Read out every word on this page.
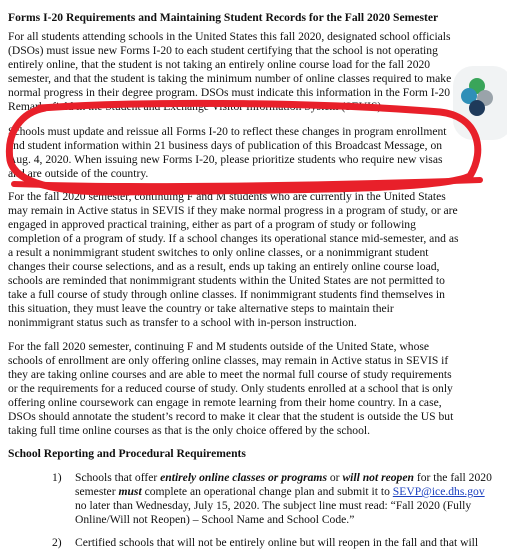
Forms I-20 Requirements and Maintaining Student Records for the Fall 2020 Semester
For all students attending schools in the United States this fall 2020, designated school officials
(DSOs) must issue new Forms I-20 to each student certifying that the school is not operating
entirely online, that the student is not taking an entirely online course load for the fall 2020
semester, and that the student is taking the minimum number of online classes required to make
normal progress in their degree program. DSOs must indicate this information in the Form I-20
Remarks field in the Student and Exchange Visitor Information System (SEVIS).
Schools must update and reissue all Forms I-20 to reflect these changes in program enrollment
and student information within 21 business days of publication of this Broadcast Message, on
Aug. 4, 2020. When issuing new Forms I-20, please prioritize students who require new visas
and are outside of the country.
For the fall 2020 semester, continuing F and M students who are currently in the United States
may remain in Active status in SEVIS if they make normal progress in a program of study, or are
engaged in approved practical training, either as part of a program of study or following
completion of a program of study. If a school changes its operational stance mid-semester, and as
a result a nonimmigrant student switches to only online classes, or a nonimmigrant student
changes their course selections, and as a result, ends up taking an entirely online course load,
schools are reminded that nonimmigrant students within the United States are not permitted to
take a full course of study through online classes. If nonimmigrant students find themselves in
this situation, they must leave the country or take alternative steps to maintain their
nonimmigrant status such as transfer to a school with in-person instruction.
For the fall 2020 semester, continuing F and M students outside of the United State, whose
schools of enrollment are only offering online classes, may remain in Active status in SEVIS if
they are taking online courses and are able to meet the normal full course of study requirements
or the requirements for a reduced course of study. Only students enrolled at a school that is only
offering online coursework can engage in remote learning from their home country. In a case,
DSOs should annotate the student’s record to make it clear that the student is outside the US but
taking full time online courses as that is the only choice offered by the school.
School Reporting and Procedural Requirements
1) Schools that offer entirely online classes or programs or will not reopen for the fall 2020
semester must complete an operational change plan and submit it to SEVP@ice.dhs.gov
no later than Wednesday, July 15, 2020. The subject line must read: “Fall 2020 (Fully
Online/Will not Reopen) – School Name and School Code.”
2) Certified schools that will not be entirely online but will reopen in the fall and that will
